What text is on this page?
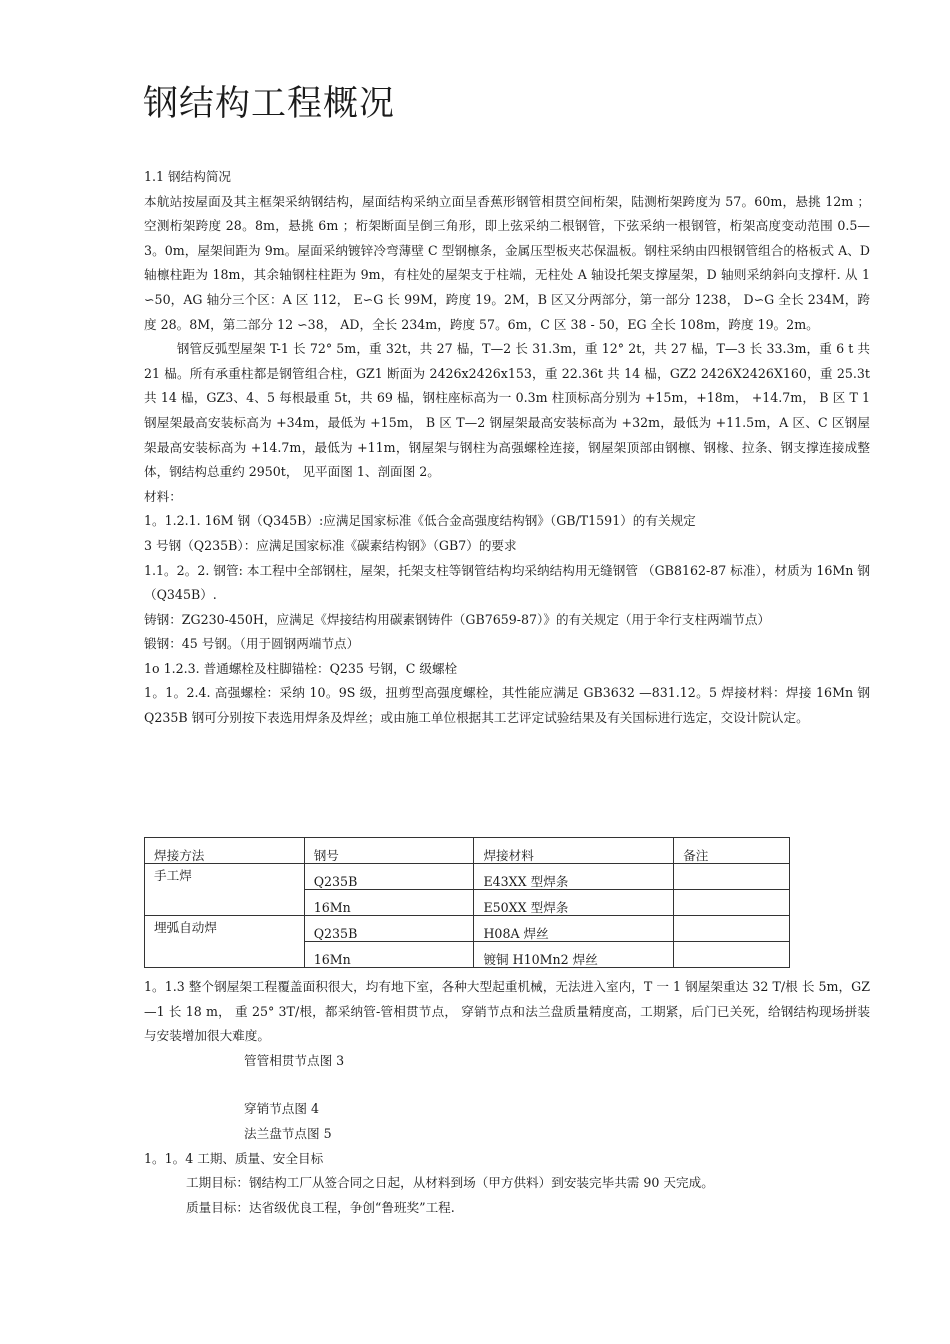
钢结构工程概况

1.1 钢结构简况

本航站按屋面及其主框架采纳钢结构，屋面结构采纳立面呈香蕉形钢管相贯空间桁架，陆测桁架跨度为 57。60m，悬挑 12m ；空测桁架跨度 28。8m，悬挑 6m ；桁架断面呈倒三角形，即上弦采纳二根钢管，下弦采纳一根钢管，桁架高度变动范围 0.5—3。0m，屋架间距为 9m。屋面采纳镀锌冷弯薄壁 C 型钢檩条，金属压型板夹芯保温板。钢柱采纳由四根钢管组合的格板式 A、D 轴檩柱距为 18m，其余轴钢柱柱距为 9m，有柱处的屋架支于柱端，无柱处 A 轴设托架支撑屋架，D 轴则采纳斜向支撑杆. 从 1 ∽50，AG 轴分三个区：A 区 112， E∽G 长 99M，跨度 19。2M，B 区又分两部分，第一部分 1238， D∽G 全长 234M，跨度 28。8M，第二部分 12 ∽38， AD，全长 234m，跨度 57。6m，C 区 38 - 50，EG 全长 108m，跨度 19。2m。

钢管反弧型屋架 T-1 长 72° 5m，重 32t，共 27 榀，T—2 长 31.3m，重 12° 2t，共 27 榀，T—3 长 33.3m，重 6 t 共 21 榀。所有承重柱都是钢管组合柱，GZ1 断面为 2426x2426x153，重 22.36t 共 14 榀，GZ2 2426X2426X160，重 25.3t 共 14 榀，GZ3、4、5 每根最重 5t，共 69 榀，钢柱座标高为一 0.3m 柱顶标高分别为 +15m，+18m， +14.7m， B 区 T 1 钢屋架最高安装标高为 +34m，最低为 +15m， B 区 T—2 钢屋架最高安装标高为 +32m，最低为 +11.5m，A 区、C 区钢屋架最高安装标高为 +14.7m，最低为 +11m，钢屋架与钢柱为高强螺栓连接，钢屋架顶部由钢檩、钢椽、拉条、钢支撑连接成整体，钢结构总重约 2950t， 见平面图 1、剖面图 2。

材料：

1。1.2.1. 16M 钢（Q345B）:应满足国家标准《低合金高强度结构钢》（GB/T1591）的有关规定

3 号钢（Q235B）：应满足国家标准《碳素结构钢》（GB7）的要求

1.1。2。2. 钢管: 本工程中全部钢柱，屋架，托架支柱等钢管结构均采纳结构用无缝钢管 （GB8162-87 标准），材质为 16Mn 钢（Q345B）.

铸钢：ZG230-450H，应满足《焊接结构用碳素钢铸件（GB7659-87）》的有关规定（用于伞行支柱两端节点）

锻钢：45 号钢。（用于圆钢两端节点）

1o 1.2.3. 普通螺栓及柱脚锚栓：Q235 号钢，C 级螺栓

1。1。2.4. 高强螺栓：采纳 10。9S 级，扭剪型高强度螺栓，其性能应满足 GB3632 —831.12。5 焊接材料：焊接 16Mn 钢 Q235B 钢可分别按下表选用焊条及焊丝；或由施工单位根据其工艺评定试验结果及有关国标进行选定，交设计院认定。

焊接方法	钢号	焊接材料	备注
手工焊	Q235B	E43XX 型焊条	
	16Mn	E50XX 型焊条	
埋弧自动焊	Q235B	H08A 焊丝	
	16Mn	镀铜 H10Mn2 焊丝	

1。1.3 整个钢屋架工程覆盖面积很大，均有地下室，各种大型起重机械，无法进入室内，T 一 1 钢屋架重达 32 T/根 长 5m，GZ—1 长 18 m， 重 25° 3T/根，都采纳管-管相贯节点， 穿销节点和法兰盘质量精度高，工期紧，后门已关死，给钢结构现场拼装与安装增加很大难度。

管管相贯节点图 3

穿销节点图 4

法兰盘节点图 5

1。1。4 工期、质量、安全目标

工期目标：钢结构工厂从签合同之日起，从材料到场（甲方供料）到安装完毕共需 90 天完成。

质量目标：达省级优良工程，争创“鲁班奖”工程.
